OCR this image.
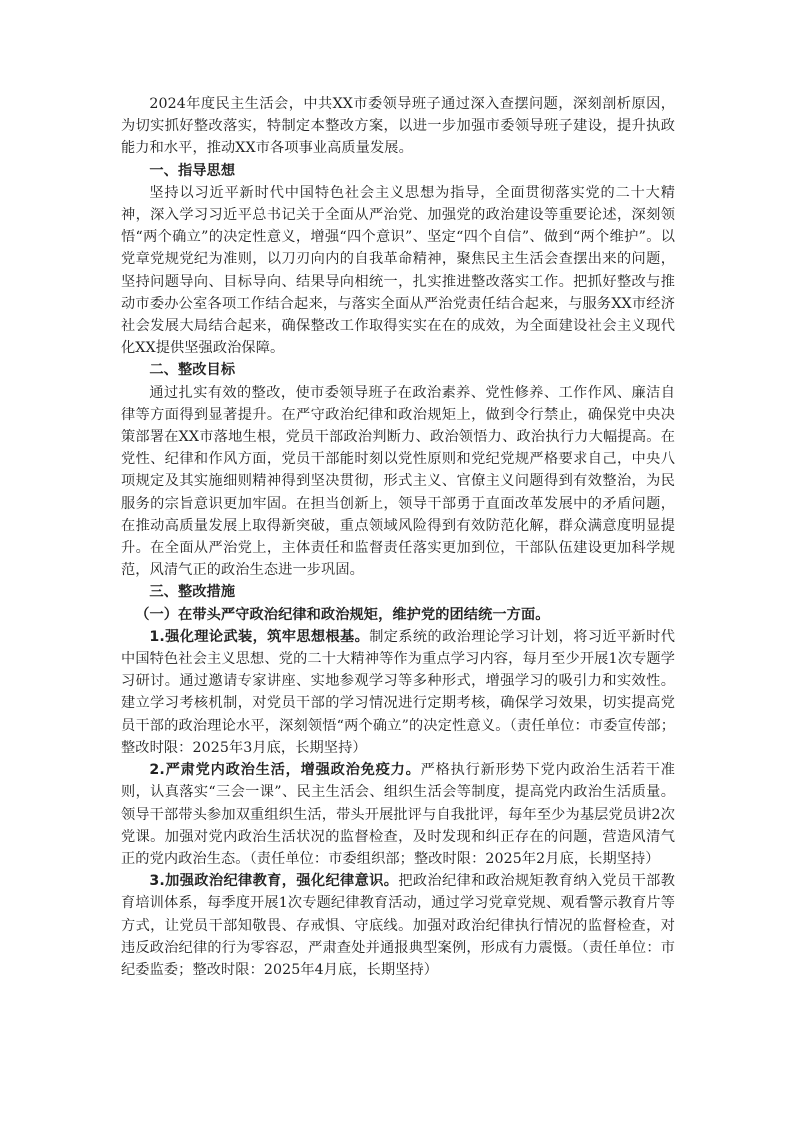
2024年度民主生活会，中共XX市委领导班子通过深入查摆问题，深刻剖析原因，为切实抓好整改落实，特制定本整改方案，以进一步加强市委领导班子建设，提升执政能力和水平，推动XX市各项事业高质量发展。

一、指导思想

坚持以习近平新时代中国特色社会主义思想为指导，全面贯彻落实党的二十大精神，深入学习习近平总书记关于全面从严治党、加强党的政治建设等重要论述，深刻领悟“两个确立”的决定性意义，增强“四个意识”、坚定“四个自信”、做到“两个维护”。以党章党规党纪为准则，以刀刃向内的自我革命精神，聚焦民主生活会查摆出来的问题，坚持问题导向、目标导向、结果导向相统一，扎实推进整改落实工作。把抓好整改与推动市委办公室各项工作结合起来，与落实全面从严治党责任结合起来，与服务XX市经济社会发展大局结合起来，确保整改工作取得实实在在的成效，为全面建设社会主义现代化XX提供坚强政治保障。

二、整改目标

通过扎实有效的整改，使市委领导班子在政治素养、党性修养、工作作风、廉洁自律等方面得到显著提升。在严守政治纪律和政治规矩上，做到令行禁止，确保党中央决策部署在XX市落地生根，党员干部政治判断力、政治领悟力、政治执行力大幅提高。在党性、纪律和作风方面，党员干部能时刻以党性原则和党纪党规严格要求自己，中央八项规定及其实施细则精神得到坚决贯彻，形式主义、官僚主义问题得到有效整治，为民服务的宗旨意识更加牢固。在担当创新上，领导干部勇于直面改革发展中的矛盾问题，在推动高质量发展上取得新突破，重点领域风险得到有效防范化解，群众满意度明显提升。在全面从严治党上，主体责任和监督责任落实更加到位，干部队伍建设更加科学规范，风清气正的政治生态进一步巩固。

三、整改措施

（一）在带头严守政治纪律和政治规矩，维护党的团结统一方面。

1.强化理论武装，筑牢思想根基。制定系统的政治理论学习计划，将习近平新时代中国特色社会主义思想、党的二十大精神等作为重点学习内容，每月至少开展1次专题学习研讨。通过邀请专家讲座、实地参观学习等多种形式，增强学习的吸引力和实效性。建立学习考核机制，对党员干部的学习情况进行定期考核，确保学习效果，切实提高党员干部的政治理论水平，深刻领悟“两个确立”的决定性意义。（责任单位：市委宣传部；整改时限：2025年3月底，长期坚持）

2.严肃党内政治生活，增强政治免疫力。严格执行新形势下党内政治生活若干准则，认真落实“三会一课”、民主生活会、组织生活会等制度，提高党内政治生活质量。领导干部带头参加双重组织生活，带头开展批评与自我批评，每年至少为基层党员讲2次党课。加强对党内政治生活状况的监督检查，及时发现和纠正存在的问题，营造风清气正的党内政治生态。（责任单位：市委组织部；整改时限：2025年2月底，长期坚持）

3.加强政治纪律教育，强化纪律意识。把政治纪律和政治规矩教育纳入党员干部教育培训体系，每季度开展1次专题纪律教育活动，通过学习党章党规、观看警示教育片等方式，让党员干部知敬畏、存戒惧、守底线。加强对政治纪律执行情况的监督检查，对违反政治纪律的行为零容忍，严肃查处并通报典型案例，形成有力震慑。（责任单位：市纪委监委；整改时限：2025年4月底，长期坚持）
